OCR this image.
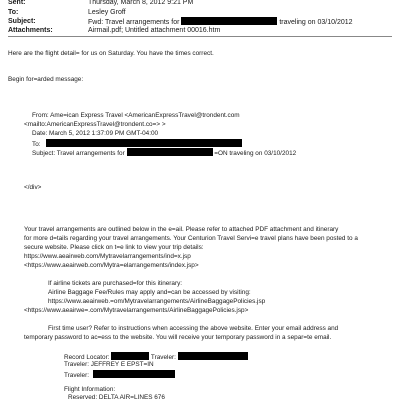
Sent:	Thursday, March 8, 2012 9:21 PM
To:	Lesley Groff
Subject:	Fwd: Travel arrangements for	traveling on 03/10/2012
Attachments:	Airmail.pdf; Untitled attachment 00016.htm
Here are the flight detail= for us on Saturday. You have the times correct.
Begin for=arded message:
From: Ame=ican Express Travel <AmericanExpressTravel@trondent.com
<mailto:AmericanExpressTravel@trondent.co=> >
Date: March 5, 2012 1:37:09 PM GMT-04:00
To:
Subject: Travel arrangements for	=ON traveling on 03/10/2012
</div>
Your travel arrangements are outlined below in the e=ail. Please refer to attached PDF attachment and itinerary
for more d=tails regarding your travel arrangements. Your Centurion Travel Servi=e travel plans have been posted to a
secure website. Please click on t=e link to view your trip details:
https://www.aeairweb.com/Mytravelarrangements/ind=x.jsp
<https://www.aeairweb.com/Mytra=elarrangements/index.jsp>
If airline tickets are purchased=for this itinerary:
Airline Baggage Fee/Rules may apply and=can be accessed by visiting:
https://www.aeairweb.=om/Mytravelarrangements/AirlineBaggagePolicies.jsp
<https://www.aeairwe=.com/Mytravelarrangements/AirlineBaggagePolicies.jsp>
First time user? Refer to instructions when accessing the above website. Enter your email address and
temporary password to ac=ess to the website. You will receive your temporary password in a separ=te email.
Record Locator:	Traveler:
Traveler: JEFFREY E EPST=IN
Traveler:
Flight Information:
Reserved: DELTA AIR=LINES 676
